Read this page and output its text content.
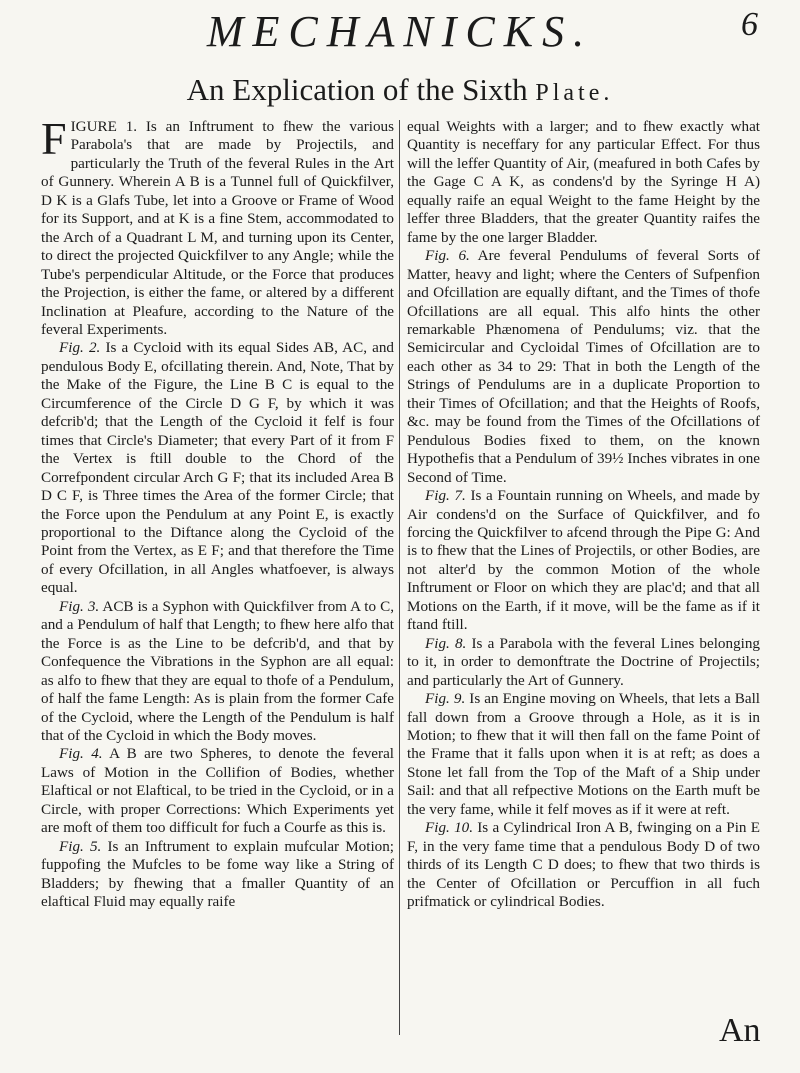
MECHANICKS.	6
An Explication of the Sixth Plate.

FIGURE 1. Is an Inftrument to fhew the various Parabola's that are made by Projectils, and particularly the Truth of the feveral Rules in the Art of Gunnery. Wherein A B is a Tunnel full of Quickfilver, D K is a Glafs Tube, let into a Groove or Frame of Wood for its Support, and at K is a fine Stem, accommodated to the Arch of a Quadrant L M, and turning upon its Center, to direct the projected Quickfilver to any Angle; while the Tube's perpendicular Altitude, or the Force that produces the Projection, is either the fame, or altered by a different Inclination at Pleafure, according to the Nature of the feveral Experiments.

Fig. 2. Is a Cycloid with its equal Sides AB, AC, and pendulous Body E, ofcillating therein. And, Note, That by the Make of the Figure, the Line B C is equal to the Circumference of the Circle D G F, by which it was defcrib'd; that the Length of the Cycloid it felf is four times that Circle's Diameter; that every Part of it from F the Vertex is ftill double to the Chord of the Correfpondent circular Arch G F; that its included Area B D C F, is Three times the Area of the former Circle; that the Force upon the Pendulum at any Point E, is exactly proportional to the Diftance along the Cycloid of the Point from the Vertex, as E F; and that therefore the Time of every Ofcillation, in all Angles whatfoever, is always equal.

Fig. 3. ACB is a Syphon with Quickfilver from A to C, and a Pendulum of half that Length; to fhew here alfo that the Force is as the Line to be defcrib'd, and that by Confequence the Vibrations in the Syphon are all equal: as alfo to fhew that they are equal to thofe of a Pendulum, of half the fame Length: As is plain from the former Cafe of the Cycloid, where the Length of the Pendulum is half that of the Cycloid in which the Body moves.

Fig. 4. A B are two Spheres, to denote the feveral Laws of Motion in the Collifion of Bodies, whether Elaftical or not Elaftical, to be tried in the Cycloid, or in a Circle, with proper Corrections: Which Experiments yet are moft of them too difficult for fuch a Courfe as this is.

Fig. 5. Is an Inftrument to explain mufcular Motion; fuppofing the Mufcles to be fome way like a String of Bladders; by fhewing that a fmaller Quantity of an elaftical Fluid may equally raife

equal Weights with a larger; and to fhew exactly what Quantity is neceffary for any particular Effect. For thus will the leffer Quantity of Air, (meafured in both Cafes by the Gage C A K, as condens'd by the Syringe H A) equally raife an equal Weight to the fame Height by the leffer three Bladders, that the greater Quantity raifes the fame by the one larger Bladder.

Fig. 6. Are feveral Pendulums of feveral Sorts of Matter, heavy and light; where the Centers of Sufpenfion and Ofcillation are equally diftant, and the Times of thofe Ofcillations are all equal. This alfo hints the other remarkable Phænomena of Pendulums; viz. that the Semicircular and Cycloidal Times of Ofcillation are to each other as 34 to 29: That in both the Length of the Strings of Pendulums are in a duplicate Proportion to their Times of Ofcillation; and that the Heights of Roofs, &c. may be found from the Times of the Ofcillations of Pendulous Bodies fixed to them, on the known Hypothefis that a Pendulum of 39½ Inches vibrates in one Second of Time.

Fig. 7. Is a Fountain running on Wheels, and made by Air condens'd on the Surface of Quickfilver, and fo forcing the Quickfilver to afcend through the Pipe G: And is to fhew that the Lines of Projectils, or other Bodies, are not alter'd by the common Motion of the whole Inftrument or Floor on which they are plac'd; and that all Motions on the Earth, if it move, will be the fame as if it ftand ftill.

Fig. 8. Is a Parabola with the feveral Lines belonging to it, in order to demonftrate the Doctrine of Projectils; and particularly the Art of Gunnery.

Fig. 9. Is an Engine moving on Wheels, that lets a Ball fall down from a Groove through a Hole, as it is in Motion; to fhew that it will then fall on the fame Point of the Frame that it falls upon when it is at reft; as does a Stone let fall from the Top of the Maft of a Ship under Sail: and that all refpective Motions on the Earth muft be the very fame, while it felf moves as if it were at reft.

Fig. 10. Is a Cylindrical Iron A B, fwinging on a Pin E F, in the very fame time that a pendulous Body D of two thirds of its Length C D does; to fhew that two thirds is the Center of Ofcillation or Percuffion in all fuch prifmatick or cylindrical Bodies.

An
